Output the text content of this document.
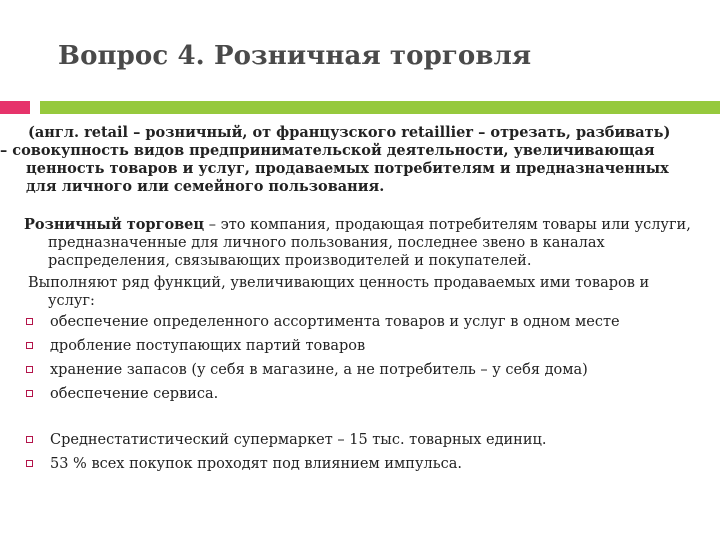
Вопрос 4. Розничная торговля
(англ. retail – розничный, от французского retaillier – отрезать, разбивать)
– совокупность видов предпринимательской деятельности, увеличивающая ценность товаров и услуг, продаваемых потребителям и предназначенных для личного или семейного пользования.
Розничный торговец – это компания, продающая потребителям товары или услуги, предназначенные для личного пользования, последнее звено в каналах распределения, связывающих производителей и покупателей.
Выполняют ряд функций, увеличивающих ценность продаваемых ими товаров и услуг:
обеспечение определенного ассортимента товаров и услуг в одном месте
дробление поступающих партий товаров
хранение запасов (у себя в магазине, а не потребитель – у себя дома)
обеспечение сервиса.
Среднестатистический супермаркет – 15 тыс. товарных единиц.
53 % всех покупок проходят под влиянием импульса.
